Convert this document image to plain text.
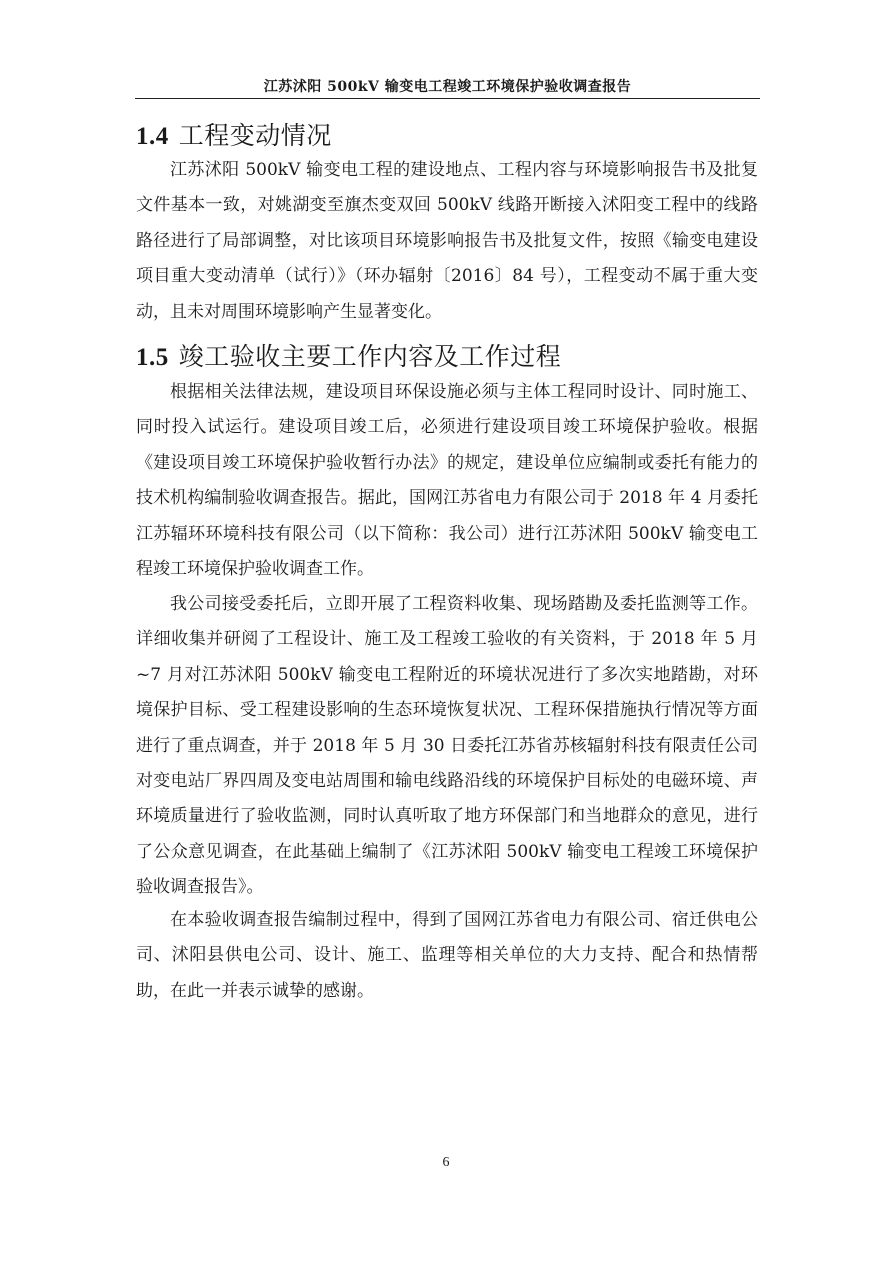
江苏沭阳 500kV 输变电工程竣工环境保护验收调查报告
1.4 工程变动情况

江苏沭阳 500kV 输变电工程的建设地点、工程内容与环境影响报告书及批复文件基本一致，对姚湖变至旗杰变双回 500kV 线路开断接入沭阳变工程中的线路路径进行了局部调整，对比该项目环境影响报告书及批复文件，按照《输变电建设项目重大变动清单（试行）》（环办辐射〔2016〕84 号），工程变动不属于重大变动，且未对周围环境影响产生显著变化。

1.5 竣工验收主要工作内容及工作过程

根据相关法律法规，建设项目环保设施必须与主体工程同时设计、同时施工、同时投入试运行。建设项目竣工后，必须进行建设项目竣工环境保护验收。根据《建设项目竣工环境保护验收暂行办法》的规定，建设单位应编制或委托有能力的技术机构编制验收调查报告。据此，国网江苏省电力有限公司于 2018 年 4 月委托江苏辐环环境科技有限公司（以下简称：我公司）进行江苏沭阳 500kV 输变电工程竣工环境保护验收调查工作。

我公司接受委托后，立即开展了工程资料收集、现场踏勘及委托监测等工作。详细收集并研阅了工程设计、施工及工程竣工验收的有关资料，于 2018 年 5 月~7 月对江苏沭阳 500kV 输变电工程附近的环境状况进行了多次实地踏勘，对环境保护目标、受工程建设影响的生态环境恢复状况、工程环保措施执行情况等方面进行了重点调查，并于 2018 年 5 月 30 日委托江苏省苏核辐射科技有限责任公司对变电站厂界四周及变电站周围和输电线路沿线的环境保护目标处的电磁环境、声环境质量进行了验收监测，同时认真听取了地方环保部门和当地群众的意见，进行了公众意见调查，在此基础上编制了《江苏沭阳 500kV 输变电工程竣工环境保护验收调查报告》。

在本验收调查报告编制过程中，得到了国网江苏省电力有限公司、宿迁供电公司、沭阳县供电公司、设计、施工、监理等相关单位的大力支持、配合和热情帮助，在此一并表示诚挚的感谢。

6
